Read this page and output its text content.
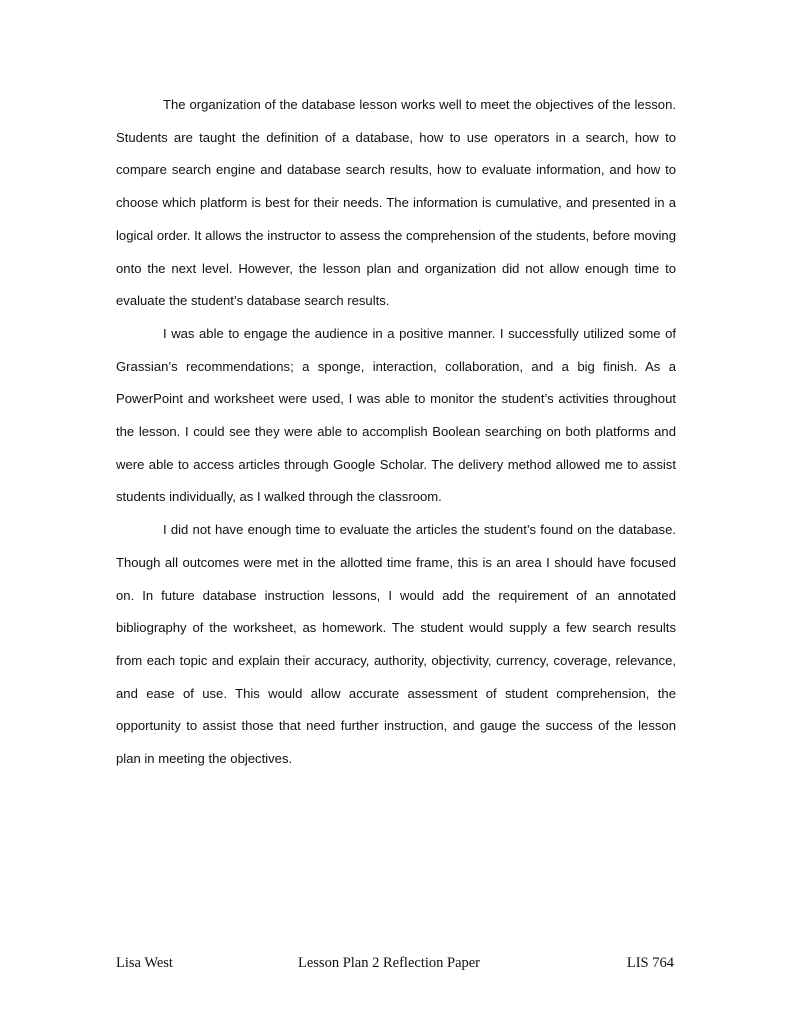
The organization of the database lesson works well to meet the objectives of the lesson. Students are taught the definition of a database, how to use operators in a search, how to compare search engine and database search results, how to evaluate information, and how to choose which platform is best for their needs. The information is cumulative, and presented in a logical order. It allows the instructor to assess the comprehension of the students, before moving onto the next level. However, the lesson plan and organization did not allow enough time to evaluate the student’s database search results.

I was able to engage the audience in a positive manner. I successfully utilized some of Grassian’s recommendations; a sponge, interaction, collaboration, and a big finish. As a PowerPoint and worksheet were used, I was able to monitor the student’s activities throughout the lesson. I could see they were able to accomplish Boolean searching on both platforms and were able to access articles through Google Scholar. The delivery method allowed me to assist students individually, as I walked through the classroom.

I did not have enough time to evaluate the articles the student’s found on the database. Though all outcomes were met in the allotted time frame, this is an area I should have focused on. In future database instruction lessons, I would add the requirement of an annotated bibliography of the worksheet, as homework. The student would supply a few search results from each topic and explain their accuracy, authority, objectivity, currency, coverage, relevance, and ease of use. This would allow accurate assessment of student comprehension, the opportunity to assist those that need further instruction, and gauge the success of the lesson plan in meeting the objectives.

Lisa West	Lesson Plan 2 Reflection Paper	LIS 764
